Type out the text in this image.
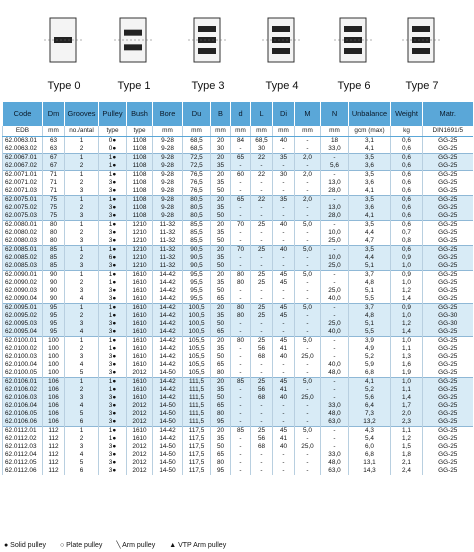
Type 0	Type 1	Type 3	Type 4	Type 6	Type 7
Code	Dm	Grooves	Pulley	Bush	Bore	Du	B	d	L	Di	M	N	Unbalance	Weight	Matr.
EDB	mm	no./antal	type	type	mm	mm	mm	mm	mm	mm	mm	mm	gcm (max)	kg	DIN1691/5
62.0063.01	63	1	0●	1108	9-28	68,5	20	84	68,5	40	-	18	3,1	0,6	GG-25
62.0063.02	63	2	0●	1108	9-28	68,5	30	-	30	-	-	33,0	4,1	0,6	GG-25
62.0067.01	67	1	1●	1108	9-28	72,5	20	65	22	35	2,0	-	3,5	0,6	GG-25
62.0067.02	67	2	1●	1108	9-28	72,5	35	-	-	-	-	5,6	3,6	0,6	GG-25
62.0071.01	71	1	1●	1108	9-28	76,5	20	60	22	30	2,0	-	3,5	0,6	GG-25
62.0071.02	71	2	3●	1108	9-28	76,5	35	-	-	-	-	13,0	3,6	0,6	GG-25
62.0071.03	71	3	3●	1108	9-28	76,5	50	-	-	-	-	28,0	4,1	0,6	GG-25
62.0075.01	75	1	1●	1108	9-28	80,5	20	65	22	35	2,0	-	3,5	0,6	GG-25
62.0075.02	75	2	3●	1108	9-28	80,5	35	-	-	-	-	13,0	3,6	0,6	GG-25
62.0075.03	75	3	3●	1108	9-28	80,5	50	-	-	-	-	28,0	4,1	0,6	GG-25
62.0080.01	80	1	1●	1210	11-32	85,5	20	70	25	40	5,0	-	3,5	0,6	GG-25
62.0080.02	80	2	3●	1210	11-32	85,5	35	-	-	-	-	10,0	4,4	0,7	GG-25
62.0080.03	80	3	3●	1210	11-32	85,5	50	-	-	-	-	25,0	4,7	0,8	GG-25
62.0085.01	85	1	1●	1210	11-32	90,5	20	70	25	40	5,0	-	3,5	0,6	GG-25
62.0085.02	85	2	6●	1210	11-32	90,5	35	-	-	-	-	10,0	4,4	0,9	GG-25
62.0085.03	85	3	3●	1210	11-32	90,5	50	-	-	-	-	25,0	5,1	1,0	GG-25
62.0090.01	90	1	1●	1610	14-42	95,5	20	80	25	45	5,0	-	3,7	0,9	GG-25
62.0090.02	90	2	1●	1610	14-42	95,5	35	80	25	45	-	-	4,8	1,0	GG-25
62.0090.03	90	3	3●	1610	14-42	95,5	50	-	-	-	-	25,0	5,1	1,2	GG-25
62.0090.04	90	4	3●	1610	14-42	95,5	65	-	-	-	-	40,0	5,5	1,4	GG-25
62.0095.01	95	1	1●	1610	14-42	100,5	20	80	25	45	5,0	-	3,7	0,9	GG-25
62.0095.02	95	2	1●	1610	14-42	100,5	35	80	25	45	-	-	4,8	1,0	GG-30
62.0095.03	95	3	3●	1610	14-42	100,5	50	-	-	-	-	25,0	5,1	1,2	GG-30
62.0095.04	95	4	3●	1610	14-42	100,5	65	-	-	-	-	40,0	5,5	1,4	GG-25
62.0100.01	100	1	1●	1610	14-42	105,5	20	80	25	45	5,0	-	3,9	1,0	GG-25
62.0100.02	100	2	1●	1610	14-42	105,5	35	-	56	41	-	-	4,9	1,1	GG-25
62.0100.03	100	3	3●	1610	14-42	105,5	50	-	68	40	25,0	-	5,2	1,3	GG-25
62.0100.04	100	4	3●	1610	14-42	105,5	65	-	-	-	-	40,0	5,9	1,6	GG-25
62.0100.05	100	5	3●	2012	14-50	105,5	80	-	-	-	-	48,0	6,8	1,9	GG-25
62.0106.01	106	1	1●	1610	14-42	111,5	20	85	25	45	5,0	-	4,1	1,0	GG-25
62.0106.02	106	2	1●	1610	14-42	111,5	35	-	56	41	-	-	5,2	1,1	GG-25
62.0106.03	106	3	3●	1610	14-42	111,5	50	-	68	40	25,0	-	5,6	1,4	GG-25
62.0106.04	106	4	3●	2012	14-50	111,5	65	-	-	-	-	33,0	6,4	1,7	GG-25
62.0106.05	106	5	3●	2012	14-50	111,5	80	-	-	-	-	48,0	7,3	2,0	GG-25
62.0106.06	106	6	3●	2012	14-50	111,5	95	-	-	-	-	63,0	13,2	2,3	GG-25
62.0112.01	112	1	1●	1610	14-42	117,5	20	85	25	45	5,0	-	4,3	1,1	GG-25
62.0112.02	112	2	1●	1610	14-42	117,5	35	-	56	41	-	-	5,4	1,2	GG-25
62.0112.03	112	3	3●	2012	14-50	117,5	50	-	68	40	25,0	-	6,0	1,5	GG-25
62.0112.04	112	4	3●	2012	14-50	117,5	65	-	-	-	-	33,0	6,8	1,8	GG-25
62.0112.05	112	5	3●	2012	14-50	117,5	80	-	-	-	-	48,0	13,1	2,1	GG-25
62.0112.06	112	6	3●	2012	14-50	117,5	95	-	-	-	-	63,0	14,3	2,4	GG-25
● Solid pulley ○ Plate pulley ╲ Arm pulley ▲ VTP Arm pulley
